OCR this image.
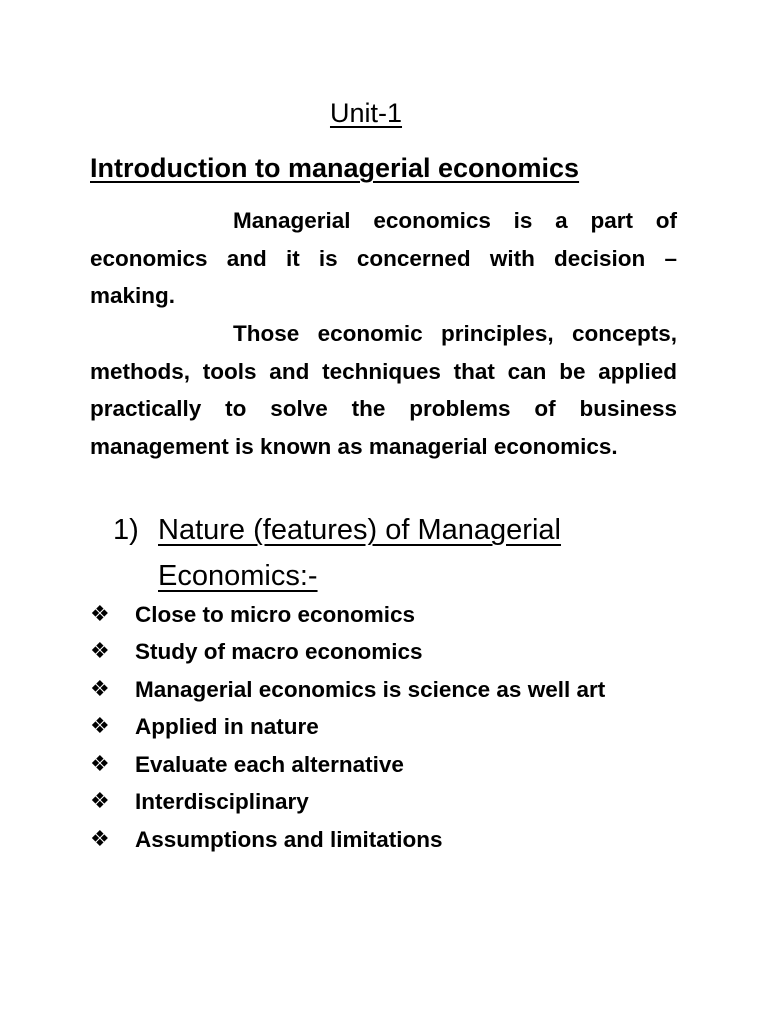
Unit-1
Introduction to managerial economics

Managerial economics is a part of economics and it is concerned with decision – making.

Those economic principles, concepts, methods, tools and techniques that can be applied practically to solve the problems of business management is known as managerial economics.

1) Nature (features) of Managerial Economics:-
❖	Close to micro economics
❖	Study of macro economics
❖	Managerial economics is science as well art
❖	Applied in nature
❖	Evaluate each alternative
❖	Interdisciplinary
❖	Assumptions and limitations
